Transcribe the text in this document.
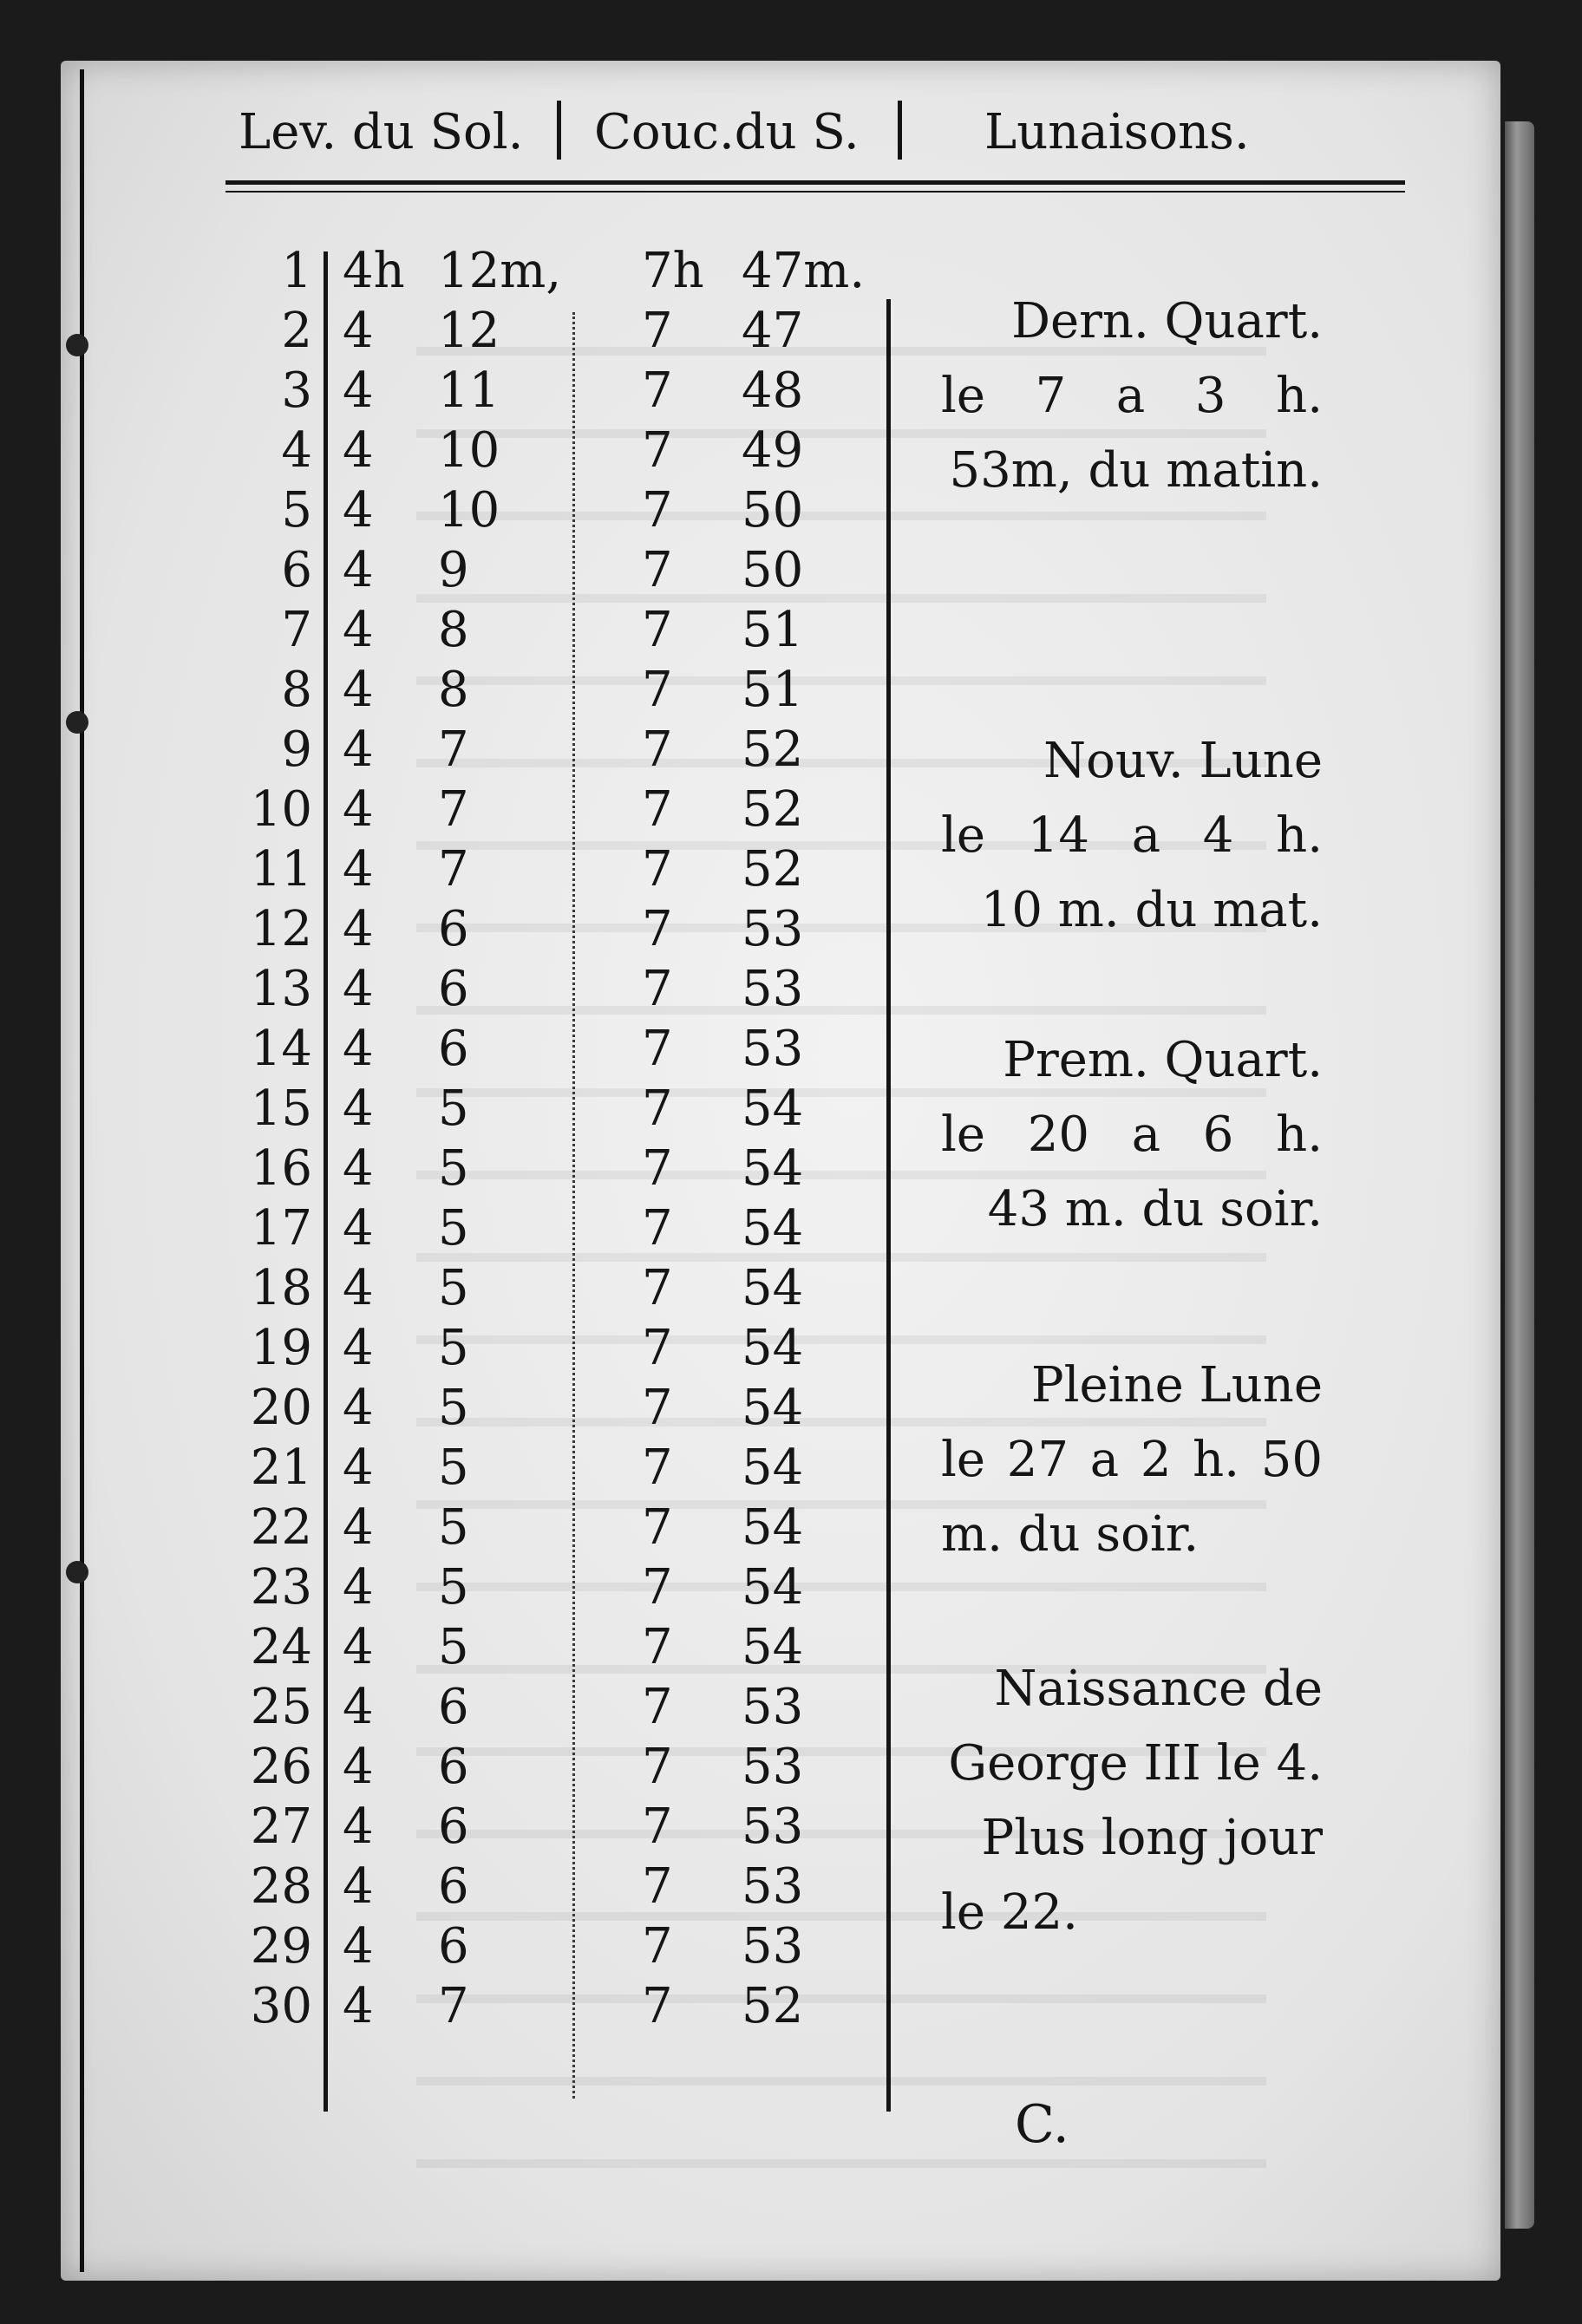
Lev. du Sol. Couc.du S.	Lunaisons.
1 4h 12m, 7h 47m.
2 4 12	7 47
3 4 11	7 48
4 4 10	7 49
5 4 10	7 50
6 4 9	7 50
7 4 8	7 51
8 4 8	7 51
9 4 7	7 52
10 4 7	7 52
11 4 7	7 52
12 4 6	7 53
13 4 6	7 53
14 4 6	7 53
15 4 5	7 54
16 4 5	7 54
17 4 5	7 54
18 4 5	7 54
19 4 5	7 54
20 4 5	7 54
21 4 5	7 54
22 4 5	7 54
23 4 5	7 54
24 4 5	7 54
25 4 6	7 53
26 4 6	7 53
27 4 6	7 53
28 4 6	7 53
29 4 6	7 53
30 4 7	7 52
Dern. Quart.
le 7 a 3 h.
53m, du matin.
Nouv. Lune
le 14 a 4 h.
10 m. du mat.
Prem. Quart.
le 20 a 6 h.
43 m. du soir.
Pleine Lune
le 27 a 2 h. 50
m. du soir.
Naissance de
George III le 4.
Plus long jour
le 22.
C.
